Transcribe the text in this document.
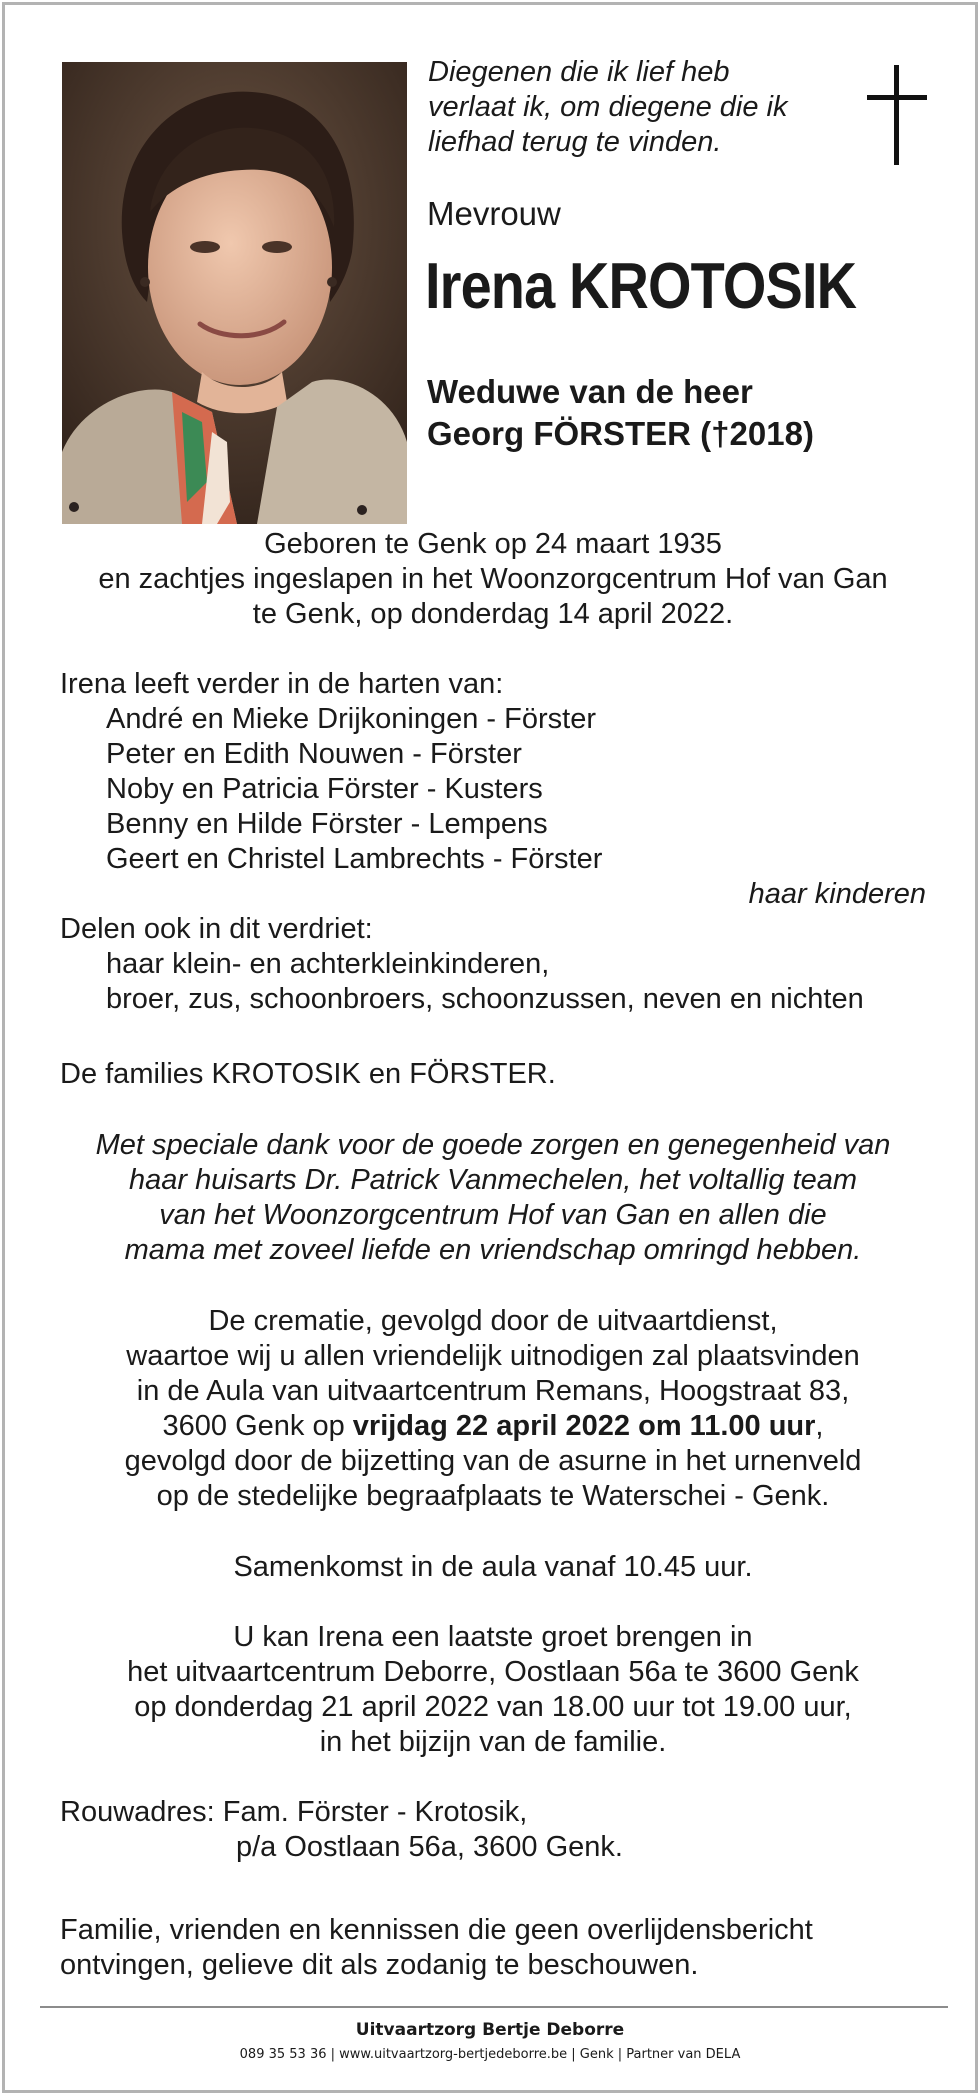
Diegenen die ik lief heb
verlaat ik, om diegene die ik
liefhad terug te vinden.
Mevrouw
Irena KROTOSIK
Weduwe van de heer
Georg FÖRSTER (†2018)
Geboren te Genk op 24 maart 1935
en zachtjes ingeslapen in het Woonzorgcentrum Hof van Gan
te Genk, op donderdag 14 april 2022.
Irena leeft verder in de harten van:
André en Mieke Drijkoningen - Förster
Peter en Edith Nouwen - Förster
Noby en Patricia Förster - Kusters
Benny en Hilde Förster - Lempens
Geert en Christel Lambrechts - Förster
haar kinderen
Delen ook in dit verdriet:
haar klein- en achterkleinkinderen,
broer, zus, schoonbroers, schoonzussen, neven en nichten
De families KROTOSIK en FÖRSTER.
Met speciale dank voor de goede zorgen en genegenheid van
haar huisarts Dr. Patrick Vanmechelen, het voltallig team
van het Woonzorgcentrum Hof van Gan en allen die
mama met zoveel liefde en vriendschap omringd hebben.
De crematie, gevolgd door de uitvaartdienst,
waartoe wij u allen vriendelijk uitnodigen zal plaatsvinden
in de Aula van uitvaartcentrum Remans, Hoogstraat 83,
3600 Genk op vrijdag 22 april 2022 om 11.00 uur,
gevolgd door de bijzetting van de asurne in het urnenveld
op de stedelijke begraafplaats te Waterschei - Genk.
Samenkomst in de aula vanaf 10.45 uur.
U kan Irena een laatste groet brengen in
het uitvaartcentrum Deborre, Oostlaan 56a te 3600 Genk
op donderdag 21 april 2022 van 18.00 uur tot 19.00 uur,
in het bijzijn van de familie.
Rouwadres: Fam. Förster - Krotosik,
p/a Oostlaan 56a, 3600 Genk.
Familie, vrienden en kennissen die geen overlijdensbericht
ontvingen, gelieve dit als zodanig te beschouwen.
Uitvaartzorg Bertje Deborre
089 35 53 36 | www.uitvaartzorg-bertjedeborre.be | Genk | Partner van DELA
